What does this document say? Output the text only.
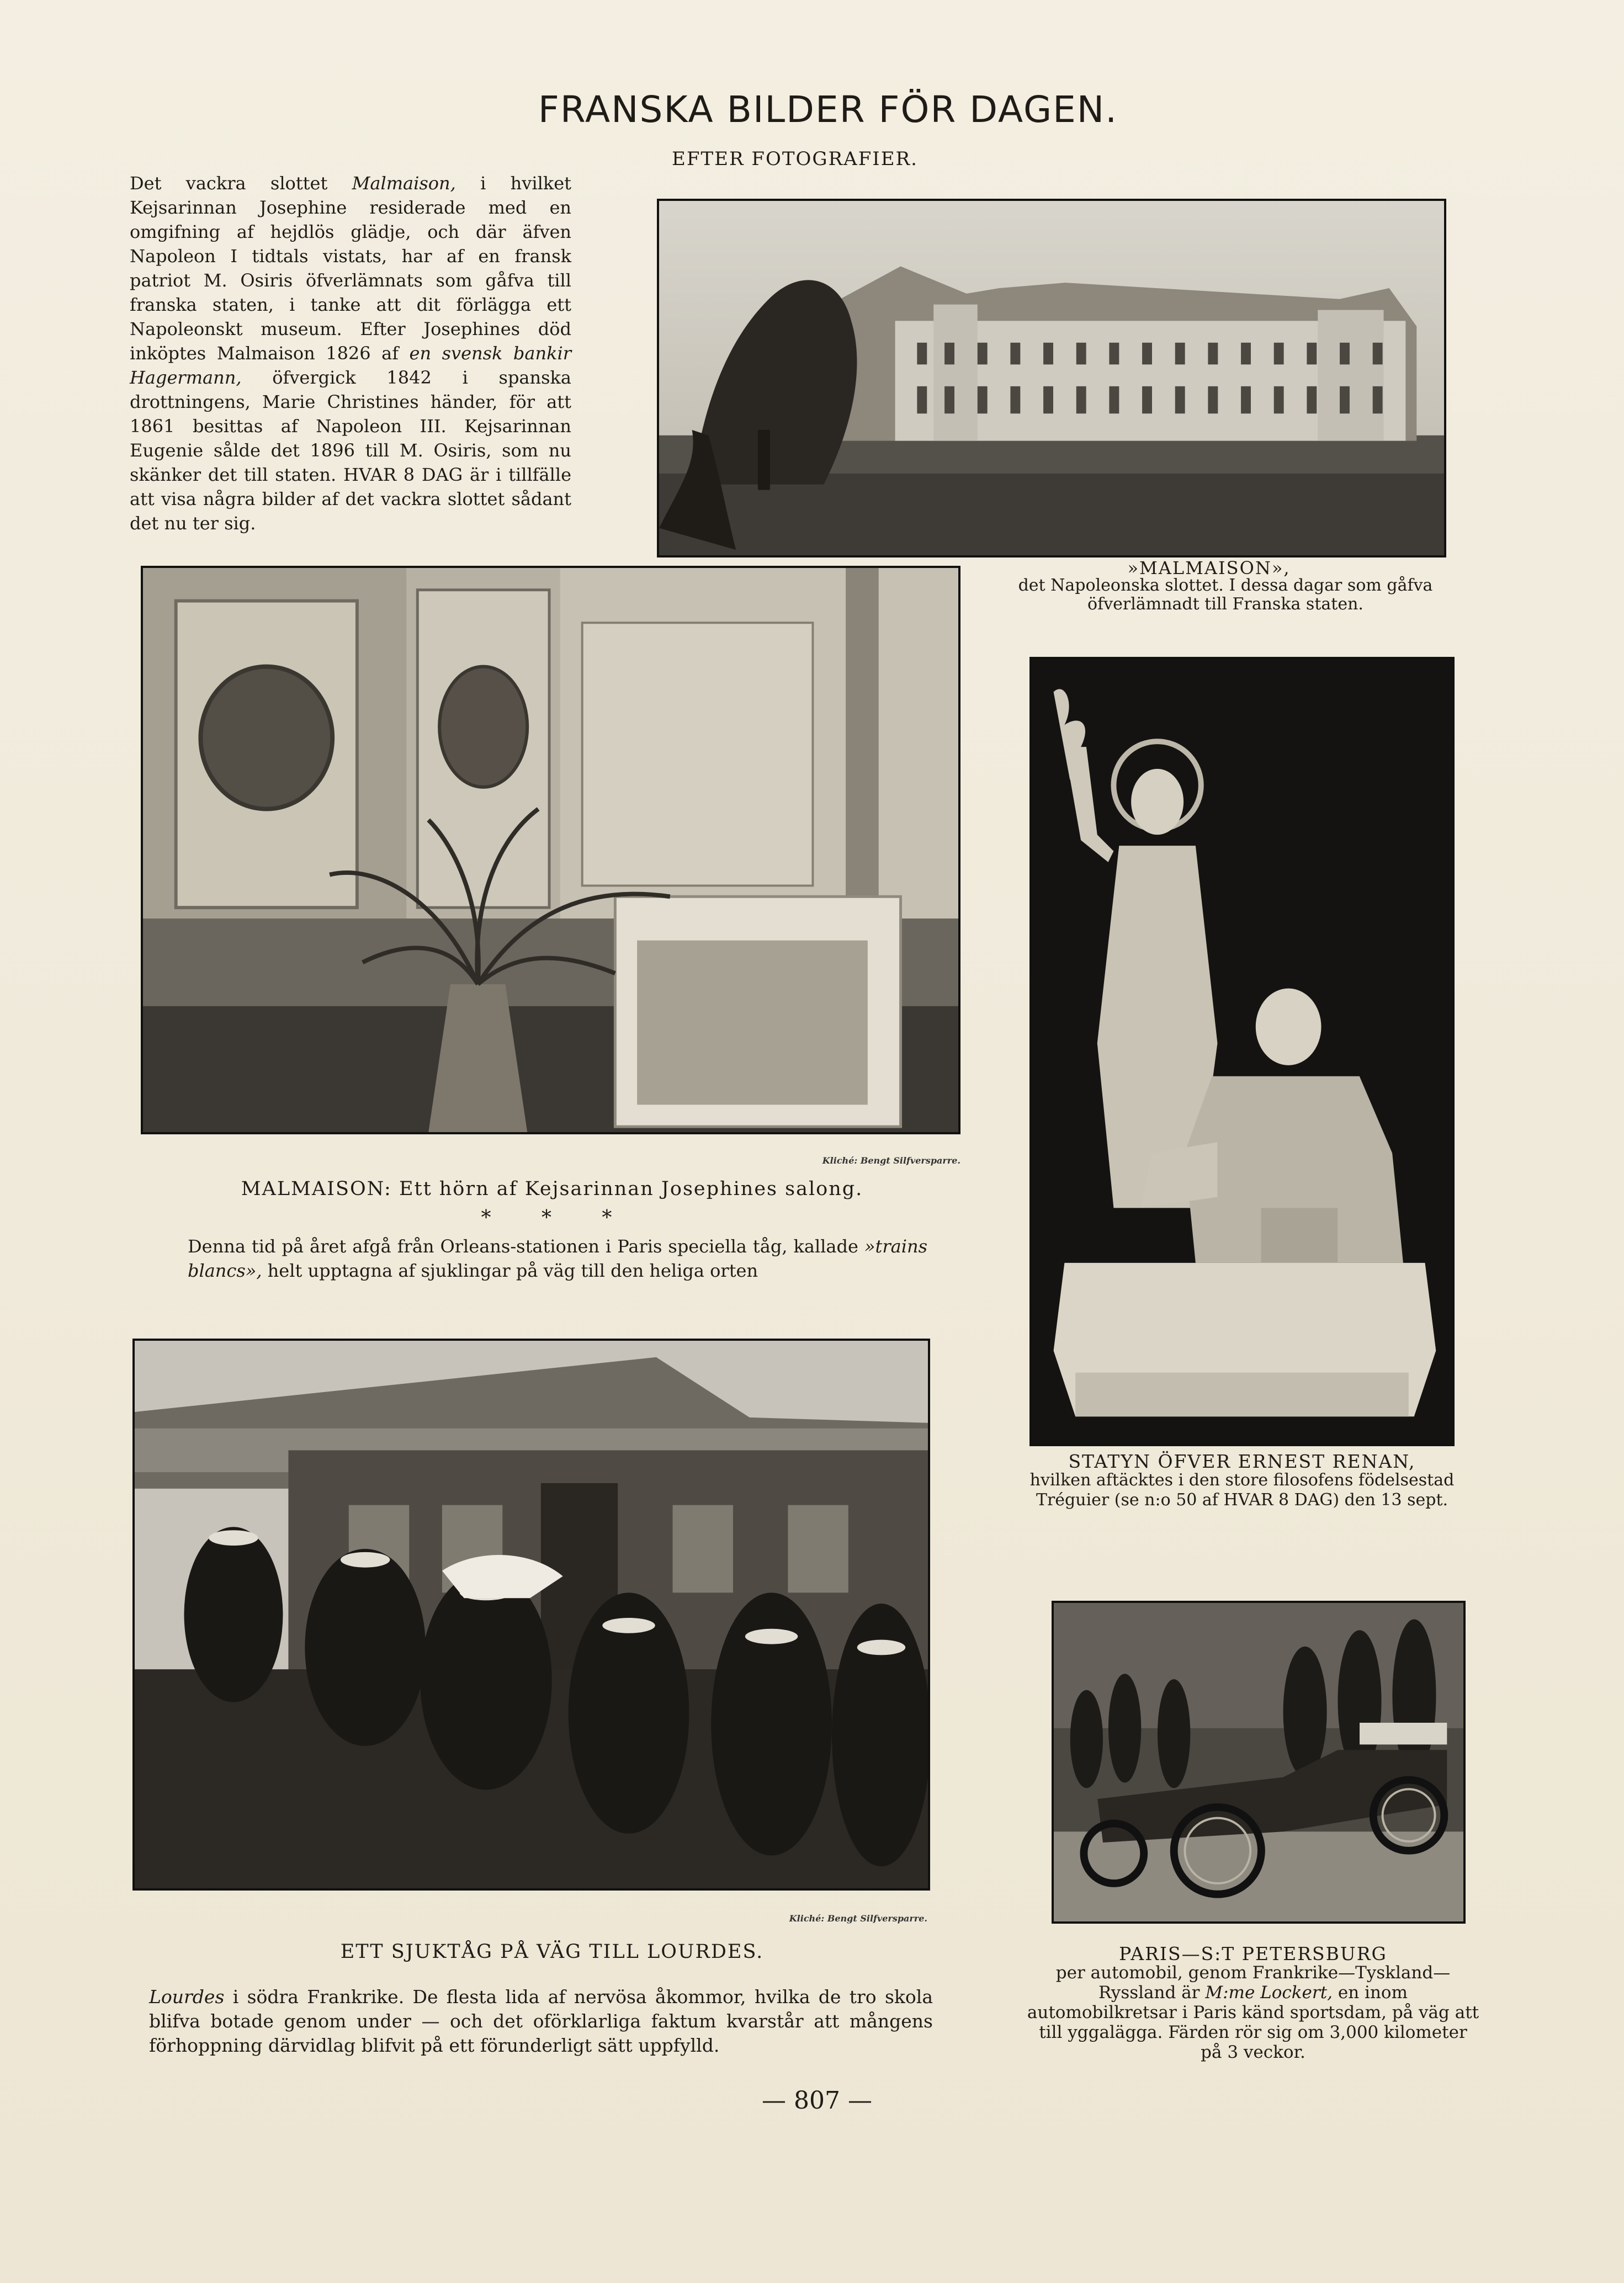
FRANSKA BILDER FÖR DAGEN.
EFTER FOTOGRAFIER.

Det vackra slottet Malmaison, i hvilket Kejsarinnan Josephine residerade med en omgifning af hejdlös glädje, och där äfven Napoleon I tidtals vistats, har af en fransk patriot M. Osiris öfverlämnats som gåfva till franska staten, i tanke att dit förlägga ett Napoleonskt museum. Efter Josephines död inköptes Malmaison 1826 af en svensk bankir Hagermann, öfvergick 1842 i spanska drottningens, Marie Christines händer, för att 1861 besittas af Napoleon III. Kejsarinnan Eugenie sålde det 1896 till M. Osiris, som nu skänker det till staten. HVAR 8 DAG är i tillfälle att visa några bilder af det vackra slottet sådant det nu ter sig.

»MALMAISON»,
det Napoleonska slottet. I dessa dagar som gåfva öfverlämnadt till Franska staten.
Kliché: Bengt Silfversparre.
MALMAISON: Ett hörn af Kejsarinnan Josephines salong.
* * *
Denna tid på året afgå från Orleans-stationen i Paris speciella tåg, kallade »trains blancs», helt upptagna af sjuklingar på väg till den heliga orten
STATYN ÖFVER ERNEST RENAN,
hvilken aftäcktes i den store filosofens födelsestad Tréguier (se n:o 50 af HVAR 8 DAG) den 13 sept.
Kliché: Bengt Silfversparre.
ETT SJUKTÅG PÅ VÄG TILL LOURDES.
Lourdes i södra Frankrike. De flesta lida af nervösa åkommor, hvilka de tro skola blifva botade genom under — och det oförklarliga faktum kvarstår att mångens förhoppning därvidlag blifvit på ett förunderligt sätt uppfylld.
PARIS—S:T PETERSBURG
per automobil, genom Frankrike—Tyskland—Ryssland är M:me Lockert, en inom automobilkretsar i Paris känd sportsdam, på väg att till yggalägga. Färden rör sig om 3,000 kilometer på 3 veckor.
— 807 —
